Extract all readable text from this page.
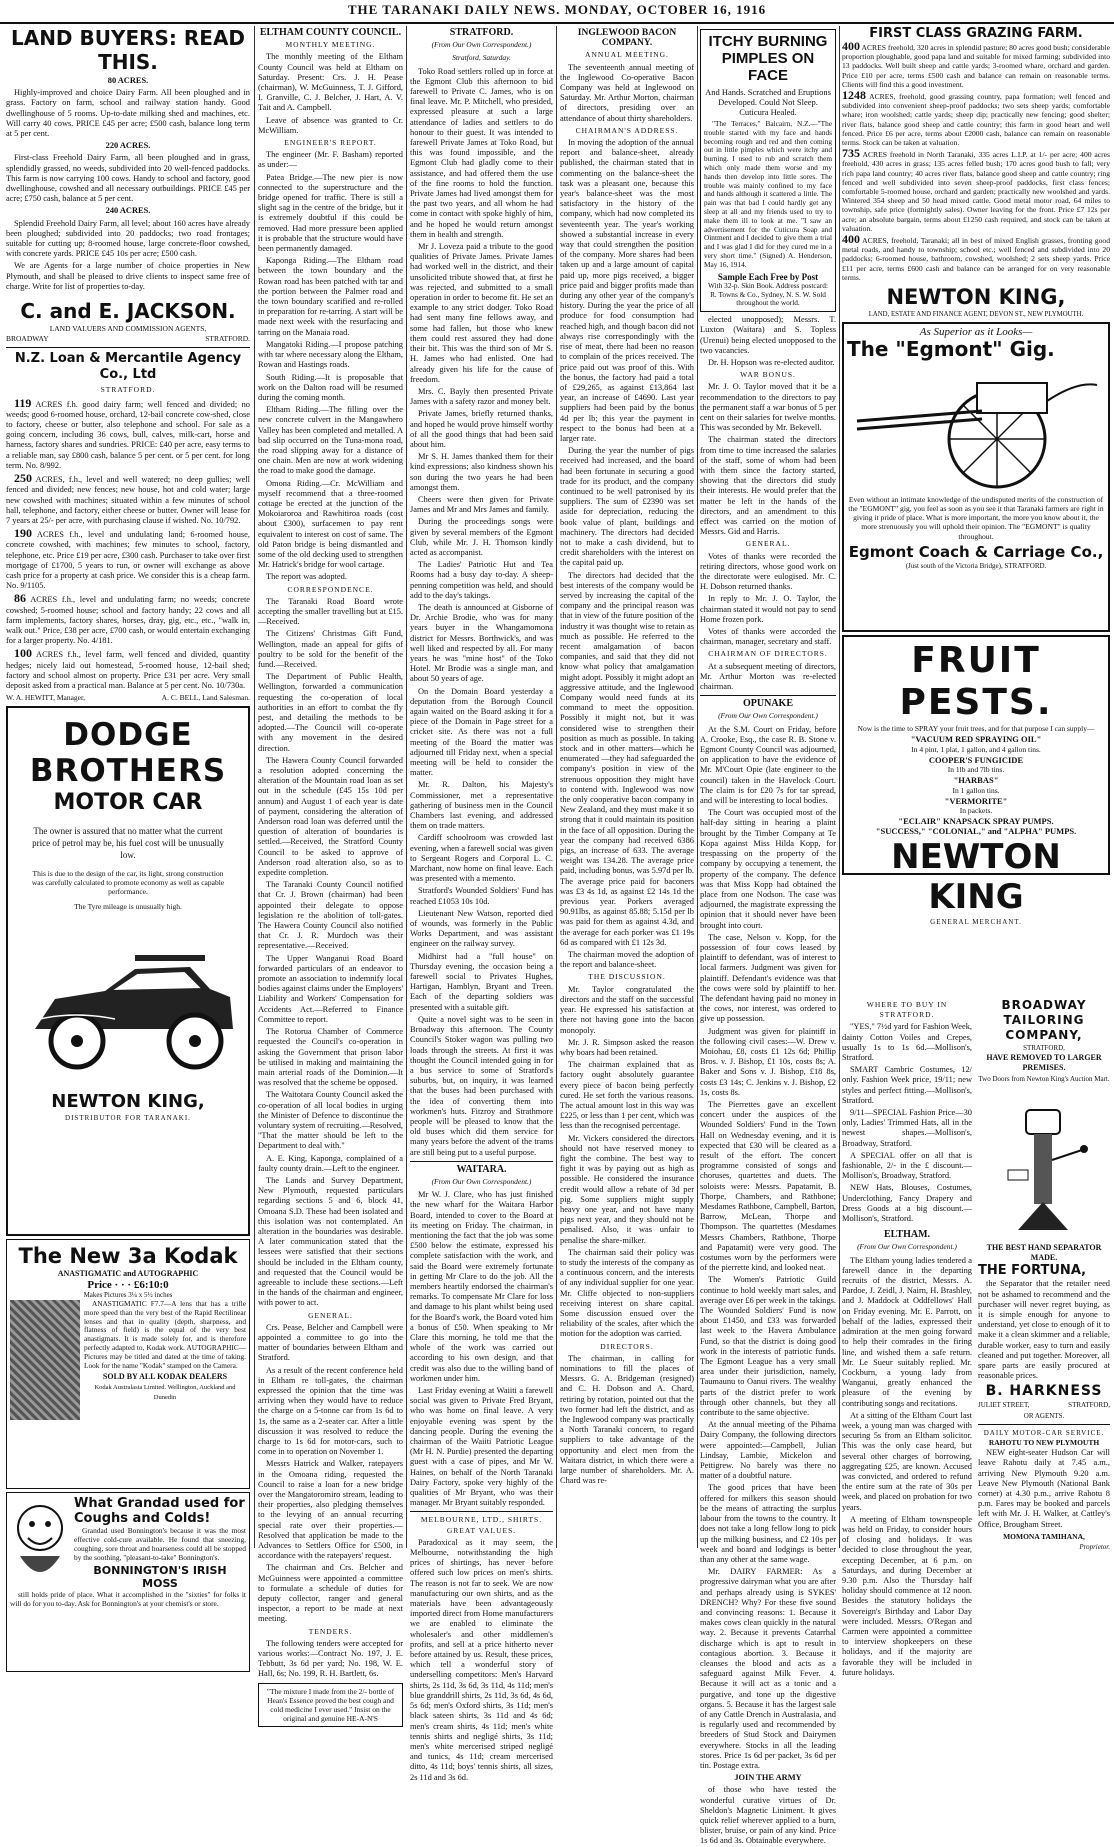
THE TARANAKI DAILY NEWS. MONDAY, OCTOBER 16, 1916
LAND BUYERS: READ THIS.
80 ACRES.

Highly-improved and choice Dairy Farm. All been ploughed and in grass. Factory on farm, school and railway station handy. Good dwellinghouse of 5 rooms. Up-to-date milking shed and machines, etc. Will carry 40 cows. PRICE £45 per acre; £500 cash, balance long term at 5 per cent.

220 ACRES.

First-class Freehold Dairy Farm, all been ploughed and in grass, splendidly grassed, no weeds, subdivided into 20 well-fenced paddocks. This farm is now carrying 100 cows. Handy to school and factory, good dwellinghouse, cowshed and all necessary outbuildings. PRICE £45 per acre; £750 cash, balance at 5 per cent.

240 ACRES.

Splendid Freehold Dairy Farm, all level; about 160 acres have already been ploughed; subdivided into 20 paddocks; two road frontages; suitable for cutting up; 8-roomed house, large concrete-floor cowshed, with concrete yards. PRICE £45 10s per acre; £500 cash.

We are Agents for a large number of choice properties in New Plymouth, and shall be pleased to drive clients to inspect same free of charge. Write for list of properties to-day.

C. and E. JACKSON.
LAND VALUERS AND COMMISSION AGENTS,
BROADWAY	STRATFORD.
N.Z. Loan & Mercantile Agency Co., Ltd
STRATFORD.

119 ACRES f.h. good dairy farm; well fenced and divided; no weeds; good 6-roomed house, orchard, 12-bail concrete cow-shed, close to factory, cheese or butter, also telephone and school. For sale as a going concern, including 36 cows, bull, calves, milk-cart, horse and harness, factory shares and sundries. PRICE: £40 per acre, easy terms to a reliable man, say £800 cash, balance 5 per cent. or 5 per cent. for long term. No. 8/992.

250 ACRES, f.h., level and well watered; no deep gullies; well fenced and divided; new fences; new house, hot and cold water; large new cowshed with machines; situated within a few minutes of school hall, telephone, and factory, either cheese or butter. Owner will lease for 7 years at 25/- per acre, with purchasing clause if wished. No. 10/792.

190 ACRES f.h., level and undulating land; 6-roomed house, concrete cowshed, with machines; few minutes to school, factory, telephone, etc. Price £19 per acre, £300 cash. Purchaser to take over first mortgage of £1700, 5 years to run, or owner will exchange as above cash price for a property at cash price. We consider this is a cheap farm. No. 9/1105.

86 ACRES f.h., level and undulating farm; no weeds; concrete cowshed; 5-roomed house; school and factory handy; 22 cows and all farm implements, factory shares, horses, dray, gig, etc., etc., "walk in, walk out." Price, £38 per acre, £700 cash, or would entertain exchanging for a larger property. No. 4/181.

100 ACRES f.h., level farm, well fenced and divided, quantity hedges; nicely laid out homestead, 5-roomed house, 12-bail shed; factory and school almost on property. Price £31 per acre. Very small deposit asked from a practical man. Balance at 5 per cent. No. 10/730a.

W. A. HEWITT, Manager,	A. C. BELL, Land Salesman.
DODGE BROTHERS
MOTOR CAR

The owner is assured that no matter what the current price of petrol may be, his fuel cost will be unusually low.

This is due to the design of the car, its light, strong construction was carefully calculated to promote economy as well as capable performance.

The Tyre mileage is unusually high.

NEWTON KING,
DISTRIBUTOR FOR TARANAKI.
The New 3a Kodak
ANASTIGMATIC and AUTOGRAPHIC
Price · · · £6:10:0
Makes Pictures 3¼ x 5½ inches

ANASTIGMATIC F7.7—A lens that has a trifle more speed than the very best of the Rapid Rectilinear lenses and that in quality (depth, sharpness, and flatness of field) is the equal of the very best anastigmats. It is made solely for, and is therefore perfectly adapted to, Kodak work. AUTOGRAPHIC—Pictures may be titled and dated at the time of taking. Look for the name "Kodak" stamped on the Camera.

SOLD BY ALL KODAK DEALERS
Kodak Australasia Limited. Wellington, Auckland and Dunedin
What Grandad used for Coughs and Colds!

Grandad used Bonnington's because it was the most effective cold-cure available. He found that sneezing, coughing, sore throat and hoarseness could all be stopped by the soothing, "pleasant-to-take" Bonnington's.

BONNINGTON'S IRISH MOSS

still holds pride of place. What it accomplished in the "sixties" for folks it will do for you to-day. Ask for Bonnington's at your chemist's or store.

ELTHAM COUNTY COUNCIL.
MONTHLY MEETING.

The monthly meeting of the Eltham County Council was held at Eltham on Saturday. Present: Crs. J. H. Pease (chairman), W. McGuinness, T. J. Gifford, I. Granville, C. J. Belcher, J. Hart, A. V. Tait and A. Campbell.

Leave of absence was granted to Cr. McWilliam.

ENGINEER'S REPORT.

The engineer (Mr. F. Basham) reported as under:—

Patea Bridge.—The new pier is now connected to the superstructure and the bridge opened for traffic. There is still a slight sag in the centre of the bridge, but it is extremely doubtful if this could be removed. Had more pressure been applied it is probable that the structure would have been permanently damaged.

Kaponga Riding.—The Eltham road between the town boundary and the Rowan road has been patched with tar and the portion between the Palmer road and the town boundary scarified and re-rolled in preparation for re-tarring. A start will be made next week with the resurfacing and tarring on the Manaia road.

Mangatoki Riding.—I propose patching with tar where necessary along the Eltham, Rowan and Hastings roads.

South Riding.—It is proposable that work on the Dalton road will be resumed during the coming month.

Eltham Riding.—The filling over the new concrete culvert in the Mangawhero Valley has been completed and metalled. A bad slip occurred on the Tuna-mona road, the road slipping away for a distance of one chain. Men are now at work widening the road to make good the damage.

Omona Riding.—Cr. McWilliam and myself recommend that a three-roomed cottage be erected at the junction of the Mokoiaroroa and Rawhitiroa roads (cost about £300), surfacemen to pay rent equivalent to interest on cost of same. The old Paton bridge is being dismantled and some of the old decking used to strengthen Mr. Hatrick's bridge for wool cartage.

The report was adopted.

CORRESPONDENCE.

The Taranaki Road Board wrote accepting the smaller travelling but at £15.—Received.

The Citizens' Christmas Gift Fund, Wellington, made an appeal for gifts of poultry to be sold for the benefit of the fund.—Received.

The Department of Public Health, Wellington, forwarded a communication requesting the co-operation of local authorities in an effort to combat the fly pest, and detailing the methods to be adopted.—The Council will co-operate with any movement in the desired direction.

The Hawera County Council forwarded a resolution adopted concerning the alteration of the Mountain road loan as set out in the schedule (£45 15s 10d per annum) and August 1 of each year is date of payment, considering the alteration of Anderson road loan was deferred until the question of alteration of boundaries is settled.—Received, the Stratford County Council to be asked to approve of Anderson road alteration also, so as to expedite completion.

The Taranaki County Council notified that Cr. J. Brown (chairman) had been appointed their delegate to oppose legislation re the abolition of toll-gates. The Hawera County Council also notified that Cr. J. R. Murdoch was their representative.—Received.

The Upper Wanganui Road Board forwarded particulars of an endeavor to promote an association to indemnify local bodies against claims under the Employers' Liability and Workers' Compensation for Accidents Act.—Referred to Finance Committee to report.

The Rotorua Chamber of Commerce requested the Council's co-operation in asking the Government that prison labor be utilised in making and maintaining the main arterial roads of the Dominion.—It was resolved that the scheme be opposed.

The Waitotara County Council asked the co-operation of all local bodies in urging the Minister of Defence to discontinue the voluntary system of recruiting.—Resolved, "That the matter should be left to the Department to deal with."

A. E. King, Kaponga, complained of a faulty county drain.—Left to the engineer.

The Lands and Survey Department, New Plymouth, requested particulars regarding sections 5 and 6, block 41, Omoana S.D. These had been isolated and this isolation was not contemplated. An alteration in the boundaries was desirable. A later communication stated that the lessees were satisfied that their sections should be included in the Eltham county, and requested that the Council would be agreeable to include these sections.—Left in the hands of the chairman and engineer, with power to act.

GENERAL.

Crs. Pease, Belcher and Campbell were appointed a committee to go into the matter of boundaries between Eltham and Stratford.

As a result of the recent conference held in Eltham re toll-gates, the chairman expressed the opinion that the time was arriving when they would have to reduce the charge on a 5-tonne car from 1s 6d to 1s, the same as a 2-seater car. After a little discussion it was resolved to reduce the charge to 1s 6d for motor-cars, such to come in to operation on November 1.

Messrs Hatrick and Walker, ratepayers in the Omoana riding, requested the Council to raise a loan for a new bridge over the Mangatoromiro stream, leading to their properties, also pledging themselves to the levying of an annual recurring special rate over their properties.—Resolved that application be made to the Advances to Settlers Office for £500, in accordance with the ratepayers' request.

The chairman and Crs. Belcher and McGuinness were appointed a committee to formulate a schedule of duties for deputy collector, ranger and general inspector, a report to be made at next meeting.

TENDERS.

The following tenders were accepted for various works:—Contract No. 197, J. E. Tebbutt, 3s 6d per yard; No. 198, W. E. Hall, 6s; No. 199, R. H. Bartlett, 6s.

"The mixture I made from the 2/- bottle of Hean's Essence proved the best cough and cold medicine I ever used." Insist on the original and genuine HE-A-N'S
STRATFORD.
(From Our Own Correspondent.)
Stratford, Saturday.

Toko Road settlers rolled up in force at the Egmont Club this afternoon to bid farewell to Private C. James, who is on final leave. Mr. P. Mitchell, who presided, expressed pleasure at such a large attendance of ladies and settlers to do honour to their guest. It was intended to farewell Private James at Toko Road, but this was found impossible, and the Egmont Club had gladly come to their assistance, and had offered them the use of the fine rooms to hold the function. Private James had lived amongst them for the past two years, and all whom he had come in contact with spoke highly of him, and he hoped he would return amongst them in health and strength.

Mr J. Loveza paid a tribute to the good qualities of Private James. Private James had worked well in the district, and their unsolicited tribute showed that, at first he was rejected, and submitted to a small operation in order to become fit. He set an example to any strict dodger. Toko Road had sent many fine fellows away, and some had fallen, but those who knew them could rest assured they had done their bit. This was the third son of Mr S. H. James who had enlisted. One had already given his life for the cause of freedom.

Mrs. C. Bayly then presented Private James with a safety razor and money belt.

Private James, briefly returned thanks, and hoped he would prove himself worthy of all the good things that had been said about him.

Mr S. H. James thanked them for their kind expressions; also kindness shown his son during the two years he had been amongst them.

Cheers were then given for Private James and Mr and Mrs James and family.

During the proceedings songs were given by several members of the Egmont Club, while Mr. J. H. Thomson kindly acted as accompanist.

The Ladies' Patriotic Hut and Tea Rooms had a busy day to-day. A sheep-penning competition was held, and should add to the day's takings.

The death is announced at Gisborne of Dr. Archie Brodie, who was for many years buyer in the Whangamomona district for Messrs. Borthwick's, and was well liked and respected by all. For many years he was "mine host" of the Toko Hotel. Mr Brodie was a single man, and about 50 years of age.

On the Domain Board yesterday a deputation from the Borough Council again waited on the Board asking it for a piece of the Domain in Page street for a cricket site. As there was not a full meeting of the Board the matter was adjourned till Friday next, when a special meeting will be held to consider the matter.

Mr. R. Dalton, his Majesty's Commissioner, met a representative gathering of business men in the Council Chambers last evening, and addressed them on trade matters.

Cardiff schoolroom was crowded last evening, when a farewell social was given to Sergeant Rogers and Corporal L. C. Marchant, now home on final leave. Each was presented with a memento.

Stratford's Wounded Soldiers' Fund has reached £1053 10s 10d.

Lieutenant New Watson, reported died of wounds, was formerly in the Public Works Department, and was assistant engineer on the railway survey.

Midhirst had a "full house" on Thursday evening, the occasion being a farewell social to Privates Hughes, Hartigan, Hamblyn, Bryant and Treen. Each of the departing soldiers was presented with a suitable gift.

Quite a novel sight was to be seen in Broadway this afternoon. The County Council's Stoker wagon was pulling two loads through the streets. At first it was thought the Council intended going in for a bus service to some of Stratford's suburbs, but, on inquiry, it was learned that the buses had been purchased with the idea of converting them into workmen's huts. Fitzroy and Strathmore people will be pleased to know that the old buses which did them service for many years before the advent of the trams are still being put to a useful purpose.

WAITARA.
(From Our Own Correspondent.)

Mr W. J. Clare, who has just finished the new wharf for the Waitara Harbor Board, intended to cover to the Board at its meeting on Friday. The chairman, in mentioning the fact that the job was some £500 below the estimate, expressed his complete satisfaction with the work, and said the Board were extremely fortunate in getting Mr Clare to do the job. All the members heartily endorsed the chairman's remarks. To compensate Mr Clare for loss and damage to his plant whilst being used for the Board's work, the Board voted him a bonus of £50. When speaking to Mr Clare this morning, he told me that the whole of the work was carried out according to his own design, and that credit was also due to the willing band of workmen under him.

Last Friday evening at Waiiti a farewell social was given to Private Fred Bryant, who was home on final leave. A very enjoyable evening was spent by the dancing people. During the evening the chairman of the Waiiti Patriotic League (Mr H. N. Purdie) presented the departing guest with a case of pipes, and Mr W. Haines, on behalf of the North Taranaki Dairy Factory, spoke very highly of the qualities of Mr Bryant, who was their manager. Mr Bryant suitably responded.

MELBOURNE, LTD., SHIRTS. GREAT VALUES.

Paradoxical as it may seem, the Melbourne, notwithstanding the high prices of shirtings, has never before offered such low prices on men's shirts. The reason is not far to seek. We are now manufacturing our own shirts, and as the materials have been advantageously imported direct from Home manufacturers we are enabled to eliminate the wholesaler's and other middlemen's profits, and sell at a price hitherto never before attained by us. Result, these prices, which tell a wonderful story of underselling competitors: Men's Harvard shirts, 2s 11d, 3s 6d, 3s 11d, 4s 11d; men's blue granddrill shirts, 2s 11d, 3s 6d, 4s 6d, 5s 6d; men's Oxford shirts, 3s 11d; men's black sateen shirts, 3s 11d and 4s 6d; men's cream shirts, 4s 11d; men's white tennis shirts and negligé shirts, 3s 11d; men's white mercerised striped negligé and tunics, 4s 11d; cream mercerised ditto, 4s 11d; boys' tennis shirts, all sizes, 2s 11d and 3s 6d.

INGLEWOOD BACON COMPANY.
ANNUAL MEETING.

The seventeenth annual meeting of the Inglewood Co-operative Bacon Company was held at Inglewood on Saturday. Mr. Arthur Morton, chairman of directors, presiding over an attendance of about thirty shareholders.

CHAIRMAN'S ADDRESS.

In moving the adoption of the annual report and balance-sheet, already published, the chairman stated that in commenting on the balance-sheet the task was a pleasant one, because this year's balance-sheet was the most satisfactory in the history of the company, which had now completed its seventeenth year. The year's working showed a substantial increase in every way that could strengthen the position of the company. More shares had been taken up and a large amount of capital paid up, more pigs received, a bigger price paid and bigger profits made than during any other year of the company's history. During the year the price of all produce for food consumption had reached high, and though bacon did not always rise correspondingly with the rise of meat, there had been no reason to complain of the prices received. The price paid out was proof of this. With the bonus, the factory had paid a total of £29,265, as against £13,864 last year, an increase of £4690. Last year suppliers had been paid by the bonus 4d per lb; this year the payment in respect to the bonus had been at a larger rate.

During the year the number of pigs received had increased, and the board had been fortunate in securing a good trade for its product, and the company continued to be well patronised by its suppliers. The sum of £2390 was set aside for depreciation, reducing the book value of plant, buildings and machinery. The directors had decided not to make a cash dividend, but to credit shareholders with the interest on the capital paid up.

The directors had decided that the best interests of the company would be served by increasing the capital of the company and the principal reason was that in view of the future position of the industry it was thought wise to retain as much as possible. He referred to the recent amalgamation of bacon companies, and said that they did not know what policy that amalgamation might adopt. Possibly it might adopt an aggressive attitude, and the Inglewood Company would need funds at its command to meet the opposition. Possibly it might not, but it was considered wise to strengthen their position as much as possible. In taking stock and in other matters—which he enumerated —they had safeguarded the company's position in view of the strenuous opposition they might have to contend with. Inglewood was now the only cooperative bacon company in New Zealand, and they must make it so strong that it could maintain its position in the face of all opposition. During the year the company had received 6386 pigs, an increase of 633. The average weight was 134.28. The average price paid, including bonus, was 5.97d per lb. The average price paid for baconers was £3 4s 1d, as against £2 14s 1d the previous year. Porkers averaged 90.91lbs, as against 85.88; 5.15d per lb was paid for them as against 4.3d, and the average for each porker was £1 19s 6d as compared with £1 12s 3d.

The chairman moved the adoption of the report and balance-sheet.

THE DISCUSSION.

Mr. Taylor congratulated the directors and the staff on the successful year. He expressed his satisfaction at there not having gone into the bacon monopoly.

Mr. J. R. Simpson asked the reason why boars had been retained.

The chairman explained that as factory ought absolutely guarantee every piece of bacon being perfectly cured. He set forth the various reasons. The actual amount lost in this way was £225, or less than 1 per cent, which was less than the recognised percentage.

Mr. Vickers considered the directors should not have reserved money to fight the combine. The best way to fight it was by paying out as high as possible. He considered the insurance credit would allow a rebate of 3d per pig. Some suppliers might supply heavy one year, and not have many pigs next year, and they should not be penalised. Also, it was unfair to penalise the share-milker.

The chairman said their policy was to study the interests of the company as a continuous concern, and the interests of any individual supplier for one year. Mr. Cliffe objected to non-suppliers receiving interest on share capital. Some discussion ensued over the reliability of the scales, after which the motion for the adoption was carried.

DIRECTORS.

The chairman, in calling for nominations to fill the places of Messrs. G. A. Bridgeman (resigned) and C. H. Dobson and A. Chard, retiring by rotation, pointed out that the two former had left the district, and as the Inglewood company was practically a North Taranaki concern, to regard suppliers to take advantage of the opportunity and elect men from the Waitara district, in which there were a large number of shareholders. Mr. A. Chard was re-

ITCHY BURNING PIMPLES ON FACE
And Hands. Scratched and Eruptions Developed. Could Not Sleep. Cuticura Healed.

"The Terraces," Balcairn, N.Z.—"The trouble started with my face and hands becoming rough and red and then coming out in little pimples which were itchy and burning. I used to rub and scratch them which only made them worse and my hands then develop into little sores. The trouble was mainly confined to my face and hands although it scattered a little. The pain was that bad I could hardly get any sleep at all and my friends used to try to make them ill to look at me. "I saw an advertisement for the Cuticura Soap and Ointment and I decided to give them a trial and I was glad I did for they cured me in a very short time." (Signed) A. Henderson, May 16, 1914.

Sample Each Free by Post
With 32-p. Skin Book. Address postcard: R. Towns & Co., Sydney, N. S. W. Sold throughout the world.

elected unopposed); Messrs. T. Luxton (Waitara) and S. Topless (Urenui) being elected unopposed to the two vacancies.

Dr. H. Hopson was re-elected auditor.

WAR BONUS.

Mr. J. O. Taylor moved that it be a recommendation to the directors to pay the permanent staff a war bonus of 5 per cent on their salaries for twelve months. This was seconded by Mr. Bekevell.

The chairman stated the directors from time to time increased the salaries of the staff, some of whom had been with them since the factory started, showing that the directors did study their interests. He would prefer that the matter be left in the hands of the directors, and an amendment to this effect was carried on the motion of Messrs. Gid and Harris.

GENERAL.

Votes of thanks were recorded the retiring directors, whose good work on the directorate were eulogised. Mr. C. H. Dobson returned thanks.

In reply to Mr. J. O. Taylor, the chairman stated it would not pay to send Home frozen pork.

Votes of thanks were accorded the chairman, manager, secretary and staff.

CHAIRMAN OF DIRECTORS.

At a subsequent meeting of directors, Mr. Arthur Morton was re-elected chairman.

OPUNAKE
(From Our Own Correspondent.)

At the S.M. Court on Friday, before A. Crooke, Esq., the case R. B. Stone v. Egmont County Council was adjourned, on application to have the evidence of Mr. M'Court Opie (late engineer to the council) taken in the Havelock Court. The claim is for £20 7s for tar spread, and will be interesting to local bodies.

The Court was occupied most of the half-day sitting in hearing a plaint brought by the Timber Company at Te Kopa against Miss Hilda Kopp, for trespassing on the property of the company by occupying a tenement, the property of the company. The defence was that Miss Kopp had obtained the place from one Nodson. The case was adjourned, the magistrate expressing the opinion that it should never have been brought into court.

The case, Nelson v. Kopp, for the possession of four cows leased by plaintiff to defendant, was of interest to local farmers. Judgment was given for plaintiff. Defendant's evidence was that the cows were sold by plaintiff to her. The defendant having paid no money in the cows, nor interest, was ordered to give up possession.

Judgment was given for plaintiff in the following civil cases:—W. Drew v. Moiohau, £8, costs £1 12s 6d; Phillip Bros. v. J. Bishop, £1 10s, costs 8s; A. Baker and Sons v. J. Bishop, £18 8s, costs £3 14s; C. Jenkins v. J. Bishop, £2 1s, costs 8s.

The Pierrettes gave an excellent concert under the auspices of the Wounded Soldiers' Fund in the Town Hall on Wednesday evening, and it is expected that £30 will be cleared as a result of the effort. The concert programme consisted of songs and choruses, quartettes and duets. The soloists were: Messrs. Papatamit, B. Thorpe, Chambers, and Rathbone; Mesdames Rathbone, Campbell, Barton, Barrow, McLean, Thorpe and Thompson. The quartettes (Mesdames Messrs Chambers, Rathbone, Thorpe and Papatamit) were very good. The costumes worn by the performers were of the pierrette kind, and looked neat.

The Women's Patriotic Guild continue to hold weekly mart sales, and average over £6 per week in the takings. The Wounded Soldiers' Fund is now about £1450, and £33 was forwarded last week to the Havera Ambulance Fund, so that the district is doing good work in the interests of patriotic funds. The Egmont League has a very small area under their jurisdiction, namely, Taumaunu to Oanui rivers. The wealthy parts of the district prefer to work through other channels, but they all contribute to the same objective.

At the annual meeting of the Pihama Dairy Company, the following directors were appointed:—Campbell, Julian Lindsay, Lambie, Mickelon and Pettigrew. No barely was there no matter of a doubtful nature.

The good prices that have been offered for milkers this season should be the means of attracting the surplus labour from the towns to the country. It does not take a long fellow long to pick up the milking business, and £2 10s per week and board and lodgings is better than any other at the same wage.

Mr. DAIRY FARMER: As a progressive dairyman what you are after and perhaps already using is SYKES' DRENCH? Why? For these five sound and convincing reasons: 1. Because it makes cows clean quickly in the natural way. 2. Because it prevents Catarrhal discharge which is apt to result in contagious abortion. 3. Because it cleanses the blood and acts as a safeguard against Milk Fever. 4. Because it will act as a tonic and a purgative, and tone up the digestive organs. 5. Because it has the largest sale of any Cattle Drench in Australasia, and is regularly used and recommended by breeders of Stud Stock and Dairymen everywhere. Stocks in all the leading stores. Price 1s 6d per packet, 3s 6d per tin. Postage extra.

JOIN THE ARMY

of those who have tested the wonderful curative virtues of Dr. Sheldon's Magnetic Liniment. It gives quick relief wherever applied to a burn, blister, bruise, or pain of any kind. Price 1s 6d and 3s. Obtainable everywhere.

FIRST CLASS GRAZING FARM.

400 ACRES freehold, 320 acres in splendid pasture; 80 acres good bush; considerable proportion ploughable, good papa land and suitable for mixed farming; subdivided into 13 paddocks. Well built sheep and cattle yards; 3-roomed whare, orchard and garden. Price £10 per acre, terms £500 cash and balance can remain on reasonable terms. Clients will find this a good investment.

1248 ACRES, freehold, good grassing country, papa formation; well fenced and subdivided into convenient sheep-proof paddocks; two sets sheep yards; comfortable whare; iron woolshed; cattle yards; sheep dip; practically new fencing; good shelter; river flats, balance good sheep and cattle country; this farm in good heart and well fenced. Price £6 per acre, terms about £2000 cash, balance can remain on reasonable terms. Stock can be taken at valuation.

735 ACRES freehold in North Taranaki, 335 acres L.I.P. at 1/- per acre; 400 acres freehold, 430 acres in grass; 135 acres felled bush; 170 acres good bush to fall; very rich papa land country; 40 acres river flats, balance good sheep and cattle country; ring fenced and well subdivided into seven sheep-proof paddocks, first class fences; comfortable 5-roomed house, orchard and garden; practically new woolshed and yards. Wintered 354 sheep and 50 head mixed cattle. Good metal motor road, 64 miles to township, safe price (fortnightly sales). Owner leaving for the front. Price £7 12s per acre; an absolute bargain, terms about £1250 cash required, and stock can be taken at valuation.

400 ACRES, freehold, Taranaki; all in best of mixed English grasses, fronting good metal roads, and handy to township; school etc.; well fenced and subdivided into 20 paddocks; 6-roomed house, bathroom, cowshed, woolshed; 2 sets sheep yards. Price £11 per acre, terms £600 cash and balance can be arranged for on very reasonable terms.

NEWTON KING,
LAND, ESTATE AND FINANCE AGENT, DEVON ST., NEW PLYMOUTH.
As Superior as it Looks—
The "Egmont" Gig.

Even without an intimate knowledge of the undisputed merits of the construction of the "EGMONT" gig, you feel as soon as you see it that Taranaki farmers are right in giving it pride of place. What is more important, the more you know about it, the more strenuously you will uphold their opinion. The "EGMONT" is quality throughout.

Egmont Coach & Carriage Co.,
(Just south of the Victoria Bridge), STRATFORD.
FRUIT PESTS.
Now is the time to SPRAY your fruit trees, and for that purpose I can supply—
"VACUUM RED SPRAYING OIL"
In 4 pint, 1 plat, 1 gallon, and 4 gallon tins.
COOPER'S FUNGICIDE
In 1lb and 7lb tins.
"HARBAS"
In 1 gallon tins.
"VERMORITE"
In packets.
"ECLAIR" KNAPSACK SPRAY PUMPS.
"SUCCESS," "COLONIAL," and "ALPHA" PUMPS.
NEWTON KING
GENERAL MERCHANT.
WHERE TO BUY IN STRATFORD.

"YES," 7½d yard for Fashion Week, dainty Cotton Voiles and Crepes, usually 1s to 1s 6d.—Mollison's, Stratford.

SMART Cambric Costumes, 12/ only. Fashion Week price, 19/11; new styles and perfect fitting.—Mollison's, Stratford.

9/11—SPECIAL Fashion Price—30 only, Ladies' Trimmed Hats, all in the newest shapes.—Mollison's, Broadway, Stratford.

A SPECIAL offer on all that is fashionable, 2/- in the £ discount.—Mollison's, Broadway, Stratford.

NEW Hats, Blouses, Costumes, Underclothing, Fancy Drapery and Dress Goods at a big discount.—Mollison's, Stratford.

ELTHAM.
(From Our Own Correspondent.)

The Eltham young ladies tendered a farewell dance in the departing recruits of the district, Messrs. A. Pardoe, J. Zeidl, J. Nairn, H. Brashley, and J. Maddock at Oddfellows' Hall on Friday evening. Mr. E. Parrott, on behalf of the ladies, expressed their admiration at the men going forward to help their comrades in the firing line, and wished them a safe return. Mr. Le Sueur suitably replied. Mr. Cockburn, a young lady from Wanganui, greatly enhanced the pleasure of the evening by contributing songs and recitations.

At a sitting of the Eltham Court last week, a young man was charged with securing 5s from an Eltham solicitor. This was the only case heard, but several other charges of borrowing, aggregating £25, are known. Accused was convicted, and ordered to refund the entire sum at the rate of 30s per week, and placed on probation for two years.

A meeting of Eltham townspeople was held on Friday, to consider hours of closing and holidays. It was decided to close throughout the year, excepting December, at 6 p.m. on Saturdays, and during December at 9.30 p.m. Also the Thursday half holiday should commence at 12 noon. Besides the statutory holidays the Sovereign's Birthday and Labor Day were included. Messrs. O'Regan and Carmen were appointed a committee to interview shopkeepers on these holidays, and if the majority are favorable they will be included in future holidays.

BROADWAY TAILORING COMPANY,
STRATFORD,
HAVE REMOVED TO LARGER PREMISES.
Two Doors from Newton King's Auction Mart.
THE BEST HAND SEPARATOR MADE.
THE FORTUNA,

the Separator that the retailer need not be ashamed to recommend and the purchaser will never regret buying, as it is simple enough for anyone to understand, yet close to enough of it to make it a clean skimmer and a reliable, durable worker, easy to turn and easily cleaned and put together. Moreover, all spare parts are easily procured at reasonable prices.

B. HARKNESS
JULIET STREET,	STRATFORD,
OR AGENTS.
DAILY MOTOR-CAR SERVICE.
RAHOTU TO NEW PLYMOUTH

NEW eight-seater Hudson Car will leave Rahotu daily at 7.45 a.m., arriving New Plymouth 9.20 a.m. Leave New Plymouth (National Bank corner) at 4.30 p.m., arrive Rahotu 8 p.m. Fares may be booked and parcels left with Mr. J. H. Walker, at Cattley's Office, Brougham Street.

MOMONA TAMIHANA,
Proprietor.
